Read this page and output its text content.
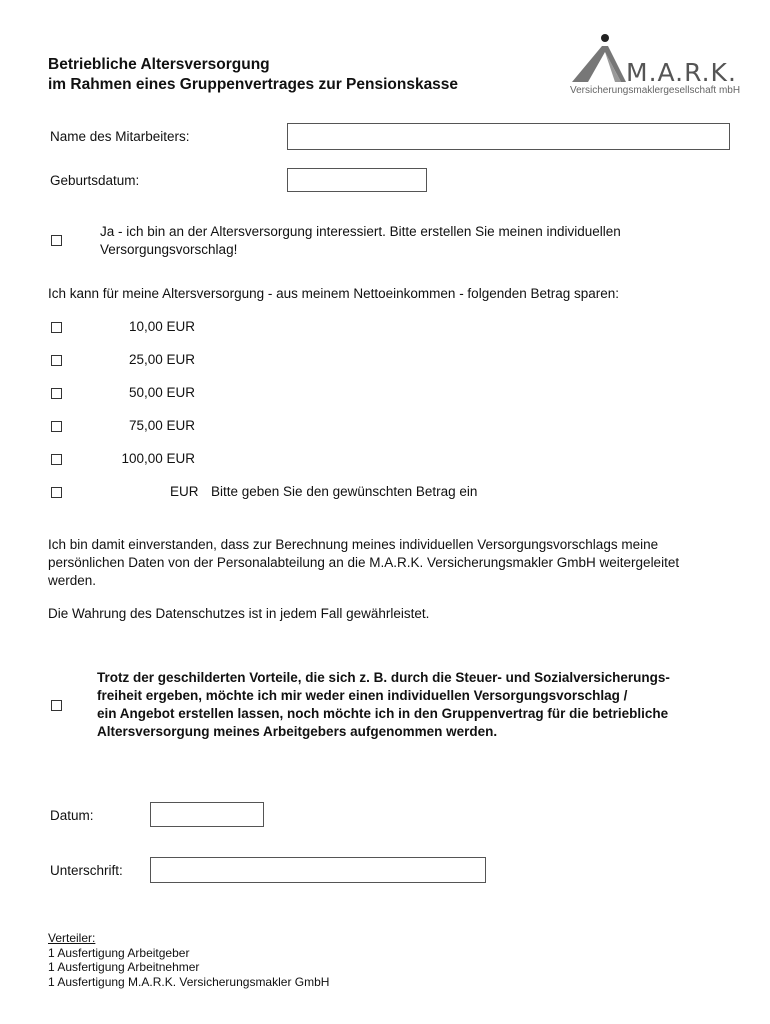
Betriebliche Altersversorgung
im Rahmen eines Gruppenvertrages zur Pensionskasse	M.A.R.K.
Versicherungsmaklergesellschaft mbH
Name des Mitarbeiters:
Geburtsdatum:
Ja - ich bin an der Altersversorgung interessiert. Bitte erstellen Sie meinen individuellen
Versorgungsvorschlag!
Ich kann für meine Altersversorgung - aus meinem Nettoeinkommen - folgenden Betrag sparen:
10,00 EUR
25,00 EUR
50,00 EUR
75,00 EUR
100,00 EUR
EUR Bitte geben Sie den gewünschten Betrag ein
Ich bin damit einverstanden, dass zur Berechnung meines individuellen Versorgungsvorschlags meine
persönlichen Daten von der Personalabteilung an die M.A.R.K. Versicherungsmakler GmbH weitergeleitet
werden.
Die Wahrung des Datenschutzes ist in jedem Fall gewährleistet.
Trotz der geschilderten Vorteile, die sich z. B. durch die Steuer- und Sozialversicherungs-
freiheit ergeben, möchte ich mir weder einen individuellen Versorgungsvorschlag /
ein Angebot erstellen lassen, noch möchte ich in den Gruppenvertrag für die betriebliche
Altersversorgung meines Arbeitgebers aufgenommen werden.
Datum:
Unterschrift:
Verteiler:
1 Ausfertigung Arbeitgeber
1 Ausfertigung Arbeitnehmer
1 Ausfertigung M.A.R.K. Versicherungsmakler GmbH
